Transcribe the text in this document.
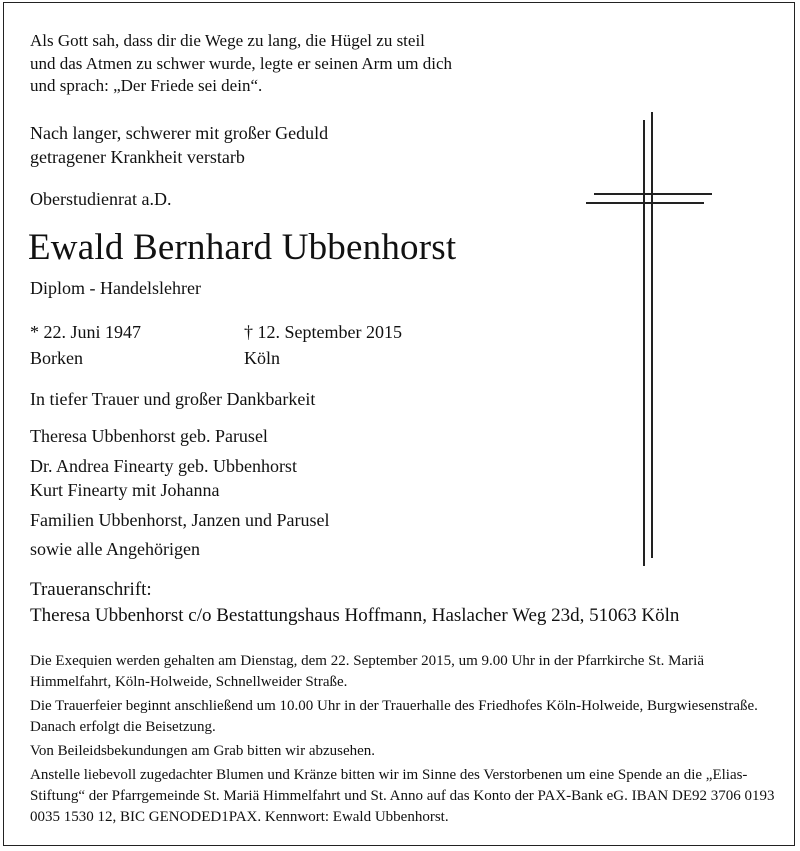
Als Gott sah, dass dir die Wege zu lang, die Hügel zu steil
und das Atmen zu schwer wurde, legte er seinen Arm um dich
und sprach: „Der Friede sei dein“.
Nach langer, schwerer mit großer Geduld
getragener Krankheit verstarb
Oberstudienrat a.D.
Ewald Bernhard Ubbenhorst
Diplom - Handelslehrer
* 22. Juni 1947
Borken
† 12. September 2015
Köln
In tiefer Trauer und großer Dankbarkeit
Theresa Ubbenhorst geb. Parusel
Dr. Andrea Finearty geb. Ubbenhorst
Kurt Finearty mit Johanna
Familien Ubbenhorst, Janzen und Parusel
sowie alle Angehörigen
Traueranschrift:
Theresa Ubbenhorst c/o Bestattungshaus Hoffmann, Haslacher Weg 23d, 51063 Köln

Die Exequien werden gehalten am Dienstag, dem 22. September 2015, um 9.00 Uhr in der Pfarrkirche St. Mariä Himmelfahrt, Köln-Holweide, Schnellweider Straße.

Die Trauerfeier beginnt anschließend um 10.00 Uhr in der Trauerhalle des Friedhofes Köln-Holweide, Burgwiesenstraße. Danach erfolgt die Beisetzung.

Von Beileidsbekundungen am Grab bitten wir abzusehen.

Anstelle liebevoll zugedachter Blumen und Kränze bitten wir im Sinne des Verstorbenen um eine Spende an die „Elias-Stiftung“ der Pfarrgemeinde St. Mariä Himmelfahrt und St. Anno auf das Konto der PAX-Bank eG. IBAN DE92 3706 0193 0035 1530 12, BIC GENODED1PAX. Kennwort: Ewald Ubbenhorst.
